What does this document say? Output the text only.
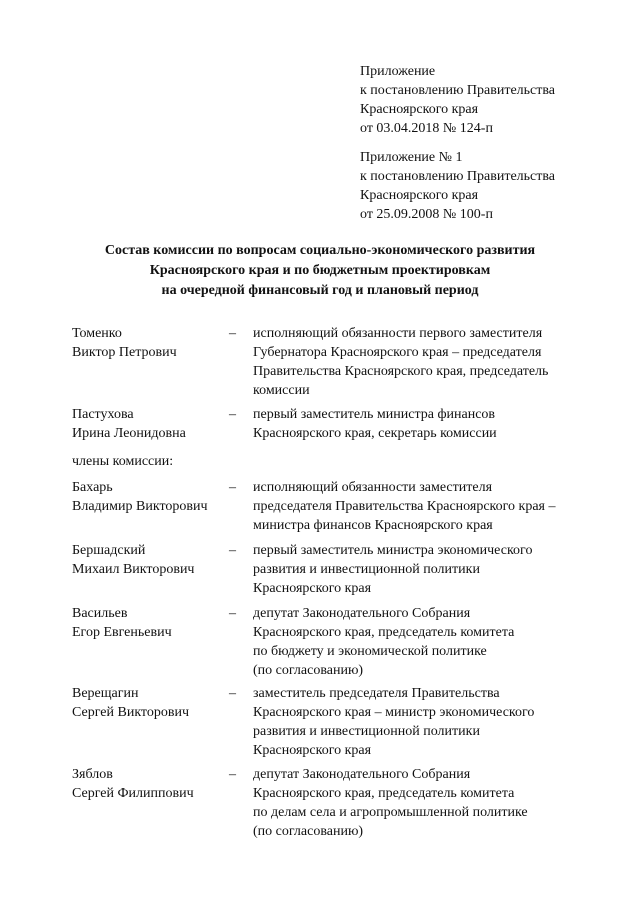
Приложение
к постановлению Правительства
Красноярского края
от 03.04.2018 № 124-п
Приложение № 1
к постановлению Правительства
Красноярского края
от 25.09.2008 № 100-п
Состав комиссии по вопросам социально-экономического развития
Красноярского края и по бюджетным проектировкам
на очередной финансовый год и плановый период
Томенко
Виктор Петрович
– исполняющий обязанности первого заместителя
Губернатора Красноярского края – председателя
Правительства Красноярского края, председатель
комиссии
Пастухова
Ирина Леонидовна
– первый заместитель министра финансов
Красноярского края, секретарь комиссии
члены комиссии:
Бахарь
Владимир Викторович
– исполняющий обязанности заместителя
председателя Правительства Красноярского края –
министра финансов Красноярского края
Бершадский
Михаил Викторович
– первый заместитель министра экономического
развития и инвестиционной политики
Красноярского края
Васильев
Егор Евгеньевич
– депутат Законодательного Собрания
Красноярского края, председатель комитета
по бюджету и экономической политике
(по согласованию)
Верещагин
Сергей Викторович
– заместитель председателя Правительства
Красноярского края – министр экономического
развития и инвестиционной политики
Красноярского края
Зяблов
Сергей Филиппович
– депутат Законодательного Собрания
Красноярского края, председатель комитета
по делам села и агропромышленной политике
(по согласованию)
